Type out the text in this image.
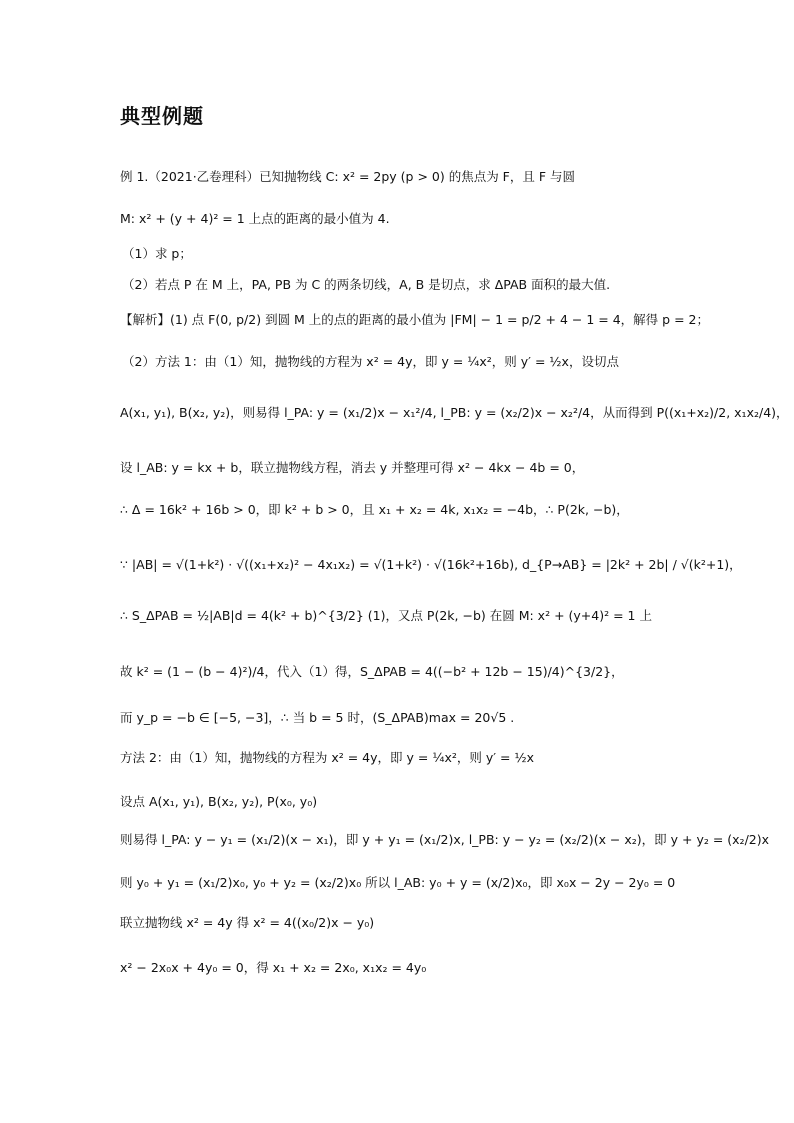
典型例题
例 1.（2021·乙卷理科）已知抛物线 C: x² = 2py (p > 0) 的焦点为 F，且 F 与圆
M: x² + (y + 4)² = 1 上点的距离的最小值为 4.
（1）求 p；
（2）若点 P 在 M 上，PA, PB 为 C 的两条切线，A, B 是切点，求 ΔPAB 面积的最大值.
【解析】(1) 点 F(0, p/2) 到圆 M 上的点的距离的最小值为 |FM| − 1 = p/2 + 4 − 1 = 4，解得 p = 2；
（2）方法 1：由（1）知，抛物线的方程为 x² = 4y，即 y = ¼x²，则 y′ = ½x，设切点
A(x₁, y₁), B(x₂, y₂)，则易得 l_PA: y = (x₁/2)x − x₁²/4, l_PB: y = (x₂/2)x − x₂²/4，从而得到 P((x₁+x₂)/2, x₁x₂/4)，
设 l_AB: y = kx + b，联立抛物线方程，消去 y 并整理可得 x² − 4kx − 4b = 0，
∴ Δ = 16k² + 16b > 0，即 k² + b > 0，且 x₁ + x₂ = 4k, x₁x₂ = −4b，∴ P(2k, −b)，
∵ |AB| = √(1+k²) · √((x₁+x₂)² − 4x₁x₂) = √(1+k²) · √(16k²+16b), d_{P→AB} = |2k² + 2b| / √(k²+1)，
∴ S_ΔPAB = ½|AB|d = 4(k² + b)^{3/2} (1)，又点 P(2k, −b) 在圆 M: x² + (y+4)² = 1 上
故 k² = (1 − (b − 4)²)/4，代入（1）得，S_ΔPAB = 4((−b² + 12b − 15)/4)^{3/2}，
而 y_p = −b ∈ [−5, −3]，∴ 当 b = 5 时，(S_ΔPAB)max = 20√5 .
方法 2：由（1）知，抛物线的方程为 x² = 4y，即 y = ¼x²，则 y′ = ½x
设点 A(x₁, y₁), B(x₂, y₂), P(x₀, y₀)
则易得 l_PA: y − y₁ = (x₁/2)(x − x₁)，即 y + y₁ = (x₁/2)x, l_PB: y − y₂ = (x₂/2)(x − x₂)，即 y + y₂ = (x₂/2)x
则 y₀ + y₁ = (x₁/2)x₀, y₀ + y₂ = (x₂/2)x₀ 所以 l_AB: y₀ + y = (x/2)x₀，即 x₀x − 2y − 2y₀ = 0
联立抛物线 x² = 4y 得 x² = 4((x₀/2)x − y₀)
x² − 2x₀x + 4y₀ = 0，得 x₁ + x₂ = 2x₀, x₁x₂ = 4y₀
